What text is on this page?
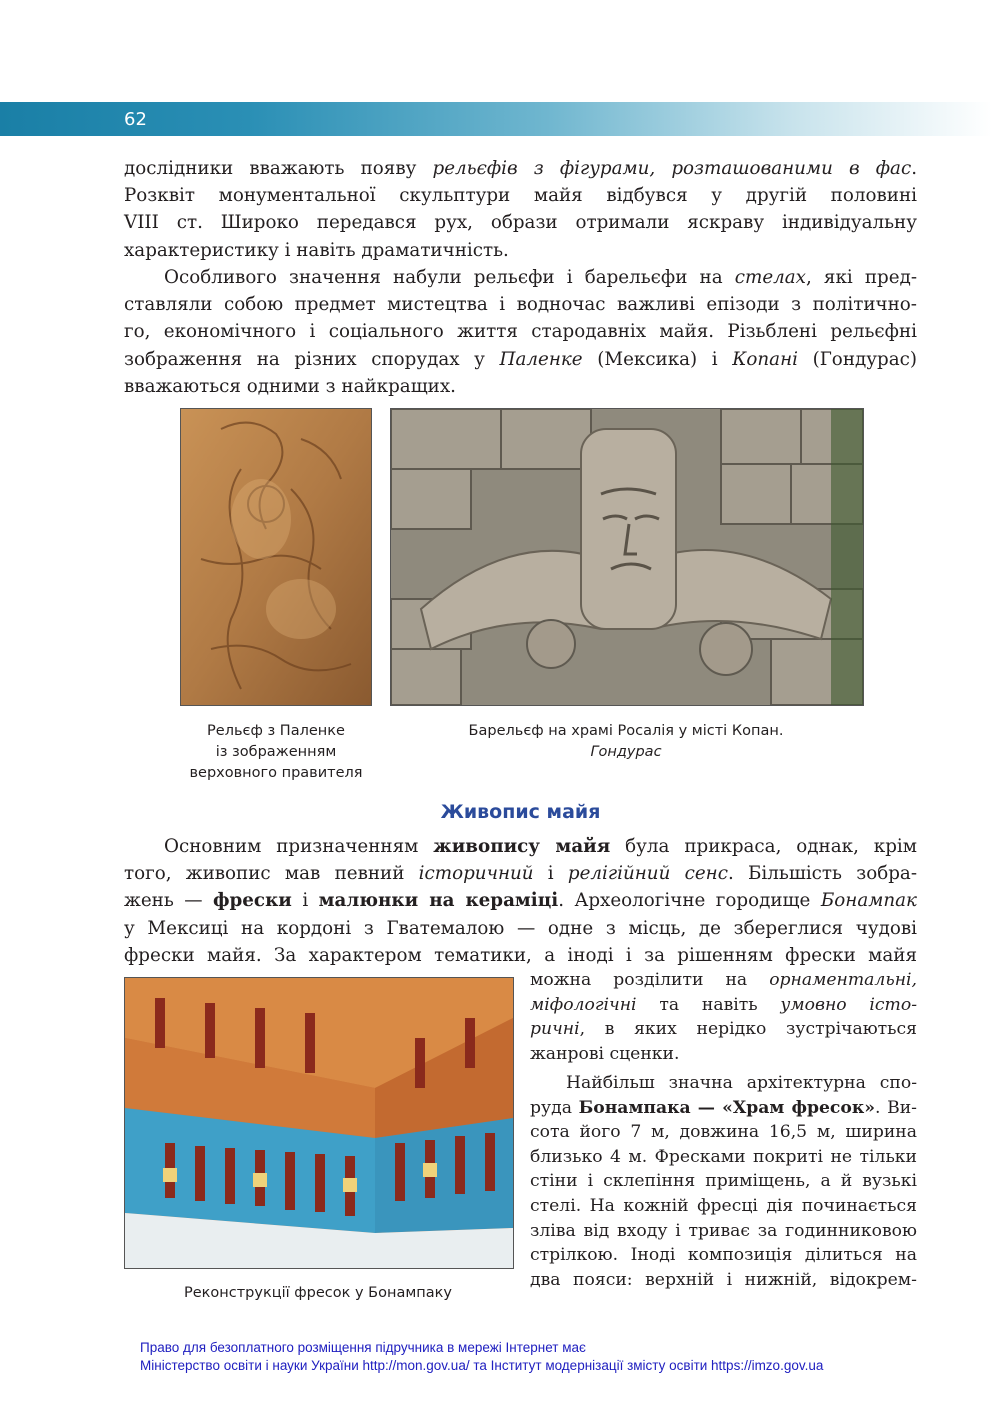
62
дослідники вважають появу рельєфів з фігурами, розташованими в фас.
Розквіт монументальної скульптури майя відбувся у другій половині
VIII ст. Широко передався рух, образи отримали яскраву індивідуальну
характеристику і навіть драматичність.
Особливого значення набули рельєфи і барельєфи на стелах, які пред-
ставляли собою предмет мистецтва і водночас важливі епізоди з політично-
го, економічного і соціального життя стародавніх майя. Різьблені рельєфні
зображення на різних спорудах у Паленке (Мексика) і Копані (Гондурас)
вважаються одними з найкращих.
Рельєф з Паленке
із зображенням
верховного правителя
Барельєф на храмі Росалія у місті Копан.
Гондурас
Живопис майя
Основним призначенням живопису майя була прикраса, однак, крім
того, живопис мав певний історичний і релігійний сенс. Більшість зобра-
жень — фрески і малюнки на кераміці. Археологічне городище Бонампак
у Мексиці на кордоні з Гватемалою — одне з місць, де збереглися чудові
фрески майя. За характером тематики, а іноді і за рішенням фрески майя
Реконструкції фресок у Бонампаку
можна розділити на орнаментальні,
міфологічні та навіть умовно істо-
ричні, в яких нерідко зустрічаються
жанрові сценки.
Найбільш значна архітектурна спо-
руда Бонампака — «Храм фресок». Ви-
сота його 7 м, довжина 16,5 м, ширина
близько 4 м. Фресками покриті не тільки
стіни і склепіння приміщень, а й вузькі
стелі. На кожній фресці дія починається
зліва від входу і триває за годинниковою
стрілкою. Іноді композиція ділиться на
два пояси: верхній і нижній, відокрем-
Право для безоплатного розміщення підручника в мережі Інтернет має
Міністерство освіти і науки України http://mon.gov.ua/ та Інститут модернізації змісту освіти https://imzo.gov.ua
